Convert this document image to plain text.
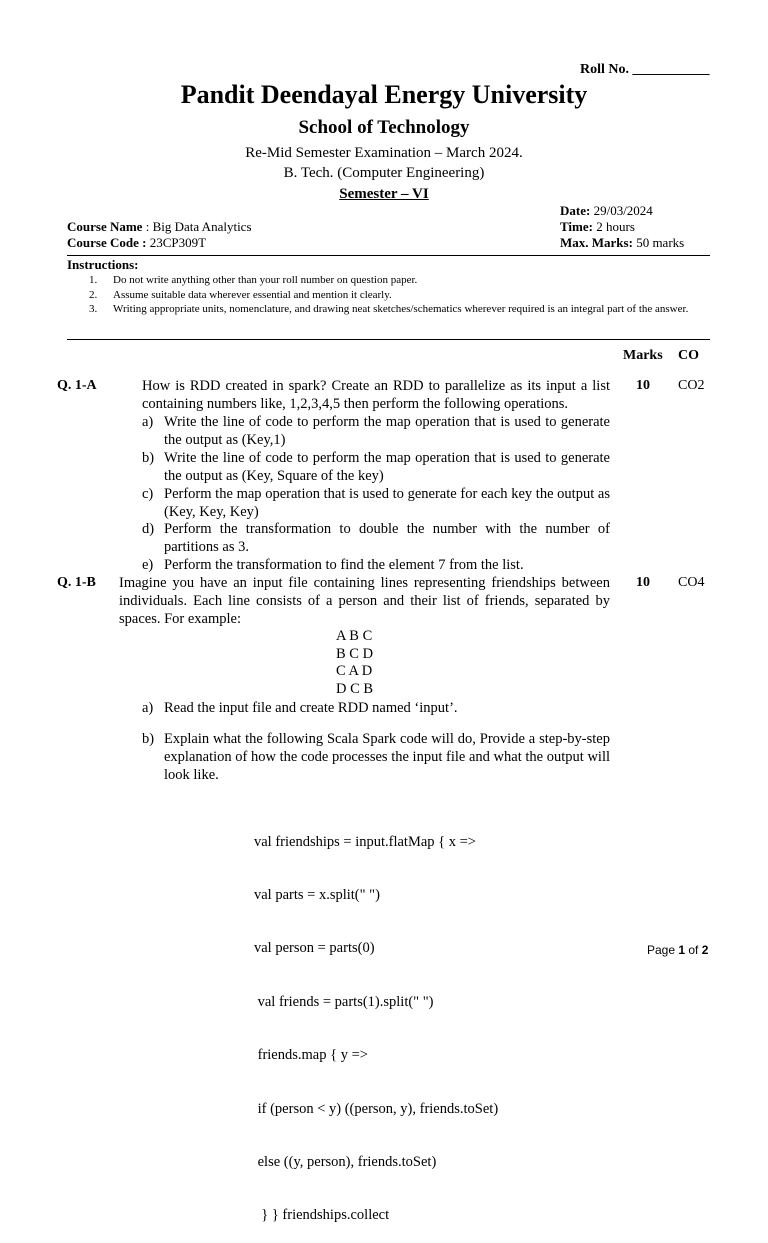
Roll No. ___________
Pandit Deendayal Energy University
School of Technology
Re-Mid Semester Examination – March 2024.
B. Tech. (Computer Engineering)
Semester – VI
Course Name : Big Data Analytics
Course Code : 23CP309T
Date: 29/03/2024
Time: 2 hours
Max. Marks: 50 marks
Instructions:
1. Do not write anything other than your roll number on question paper.
2. Assume suitable data wherever essential and mention it clearly.
3. Writing appropriate units, nomenclature, and drawing neat sketches/schematics wherever required is an integral part of the answer.
Marks CO
Q. 1-A	How is RDD created in spark? Create an RDD to parallelize as its input a list containing numbers like, 1,2,3,4,5 then perform the following operations.
10 CO2
a) Write the line of code to perform the map operation that is used to generate the output as (Key,1)
b) Write the line of code to perform the map operation that is used to generate the output as (Key, Square of the key)
c) Perform the map operation that is used to generate for each key the output as (Key, Key, Key)
d) Perform the transformation to double the number with the number of partitions as 3.
e) Perform the transformation to find the element 7 from the list.
Q. 1-B Imagine you have an input file containing lines representing friendships between individuals. Each line consists of a person and their list of friends, separated by spaces. For example:
10 CO4
A B C
B C D
C A D
D C B
a) Read the input file and create RDD named ‘input’.
b) Explain what the following Scala Spark code will do, Provide a step-by-step explanation of how the code processes the input file and what the output will look like.

val friendships = input.flatMap { x =>

val parts = x.split(" ")

val person = parts(0)

val friends = parts(1).split(" ")

friends.map { y =>

if (person < y) ((person, y), friends.toSet)

else ((y, person), friends.toSet)

} } friendships.collect

Page 1 of 2
